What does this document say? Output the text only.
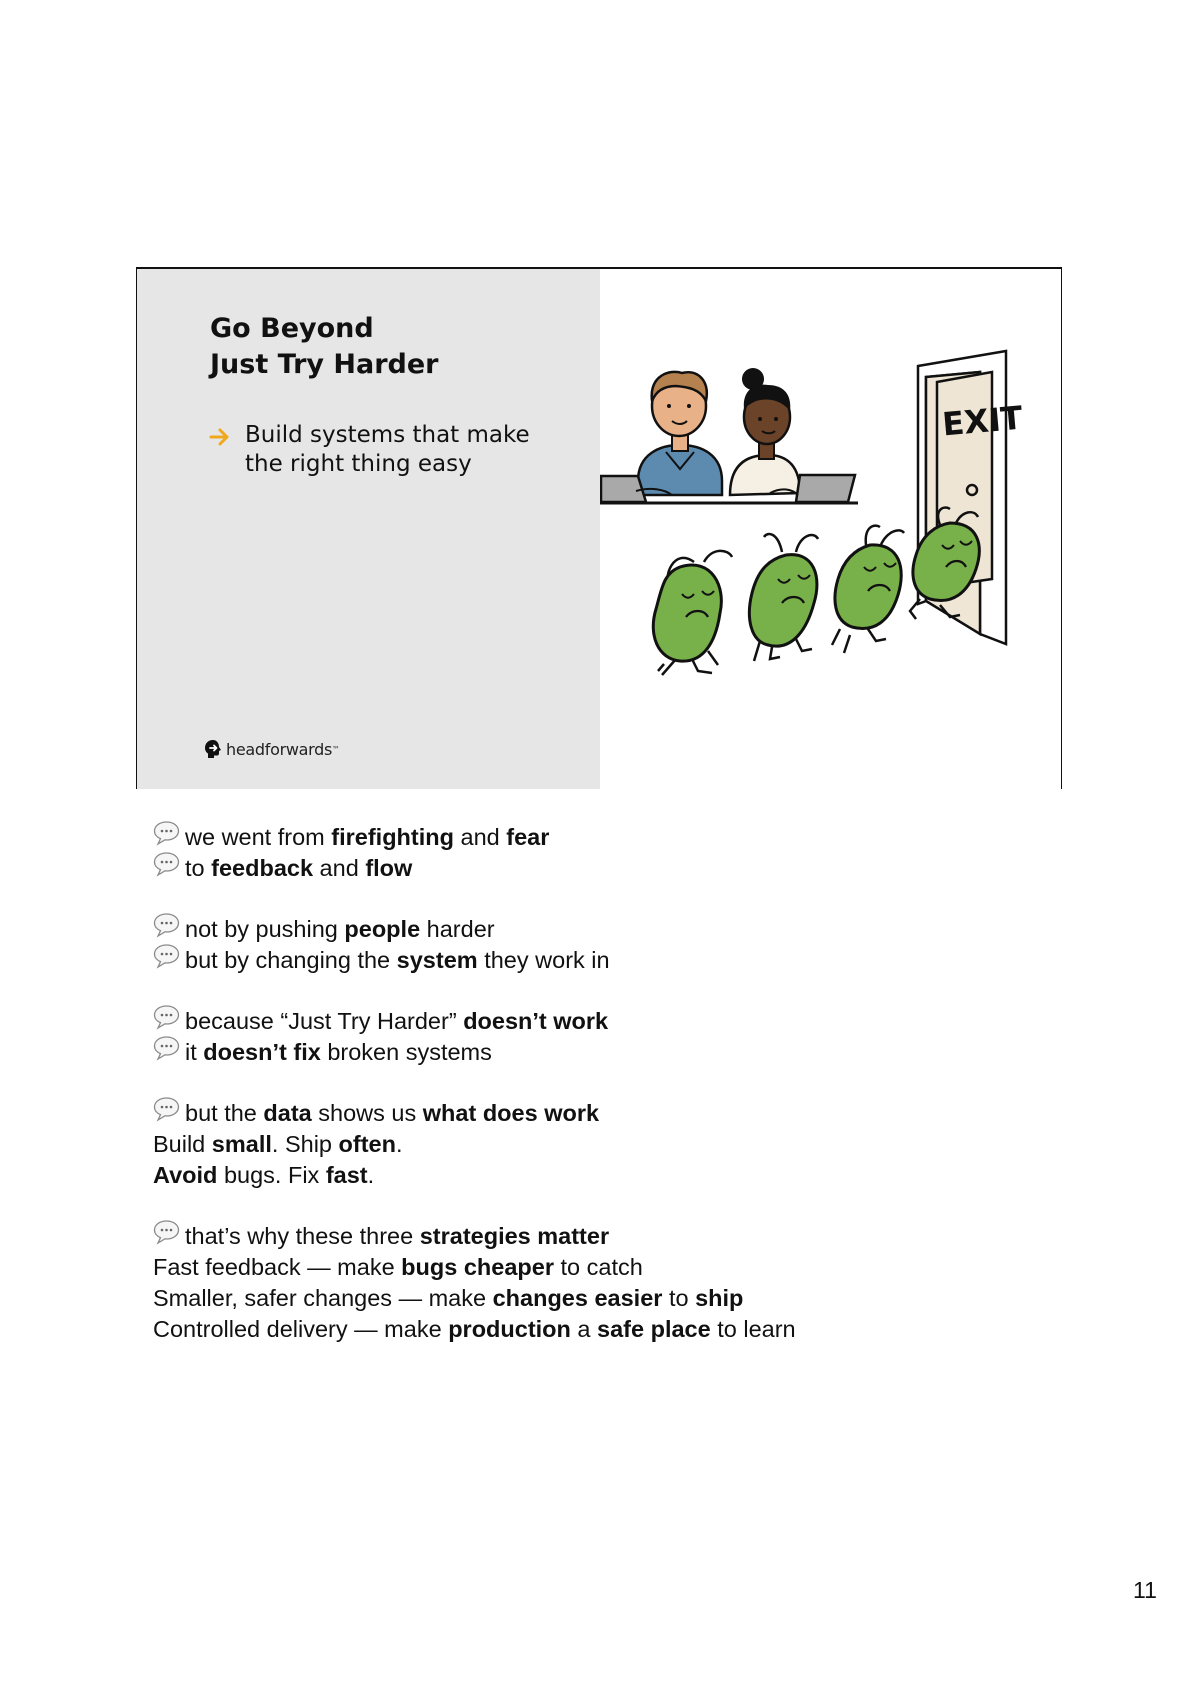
Go Beyond
Just Try Harder
Build systems that make
the right thing easy
headforwards ™
EXIT
we went from firefighting and fear
to feedback and flow
not by pushing people harder
but by changing the system they work in
because “Just Try Harder” doesn’t work
it doesn’t fix broken systems
but the data shows us what does work
Build small. Ship often.
Avoid bugs. Fix fast.
that’s why these three strategies matter
Fast feedback — make bugs cheaper to catch
Smaller, safer changes — make changes easier to ship
Controlled delivery — make production a safe place to learn
11
